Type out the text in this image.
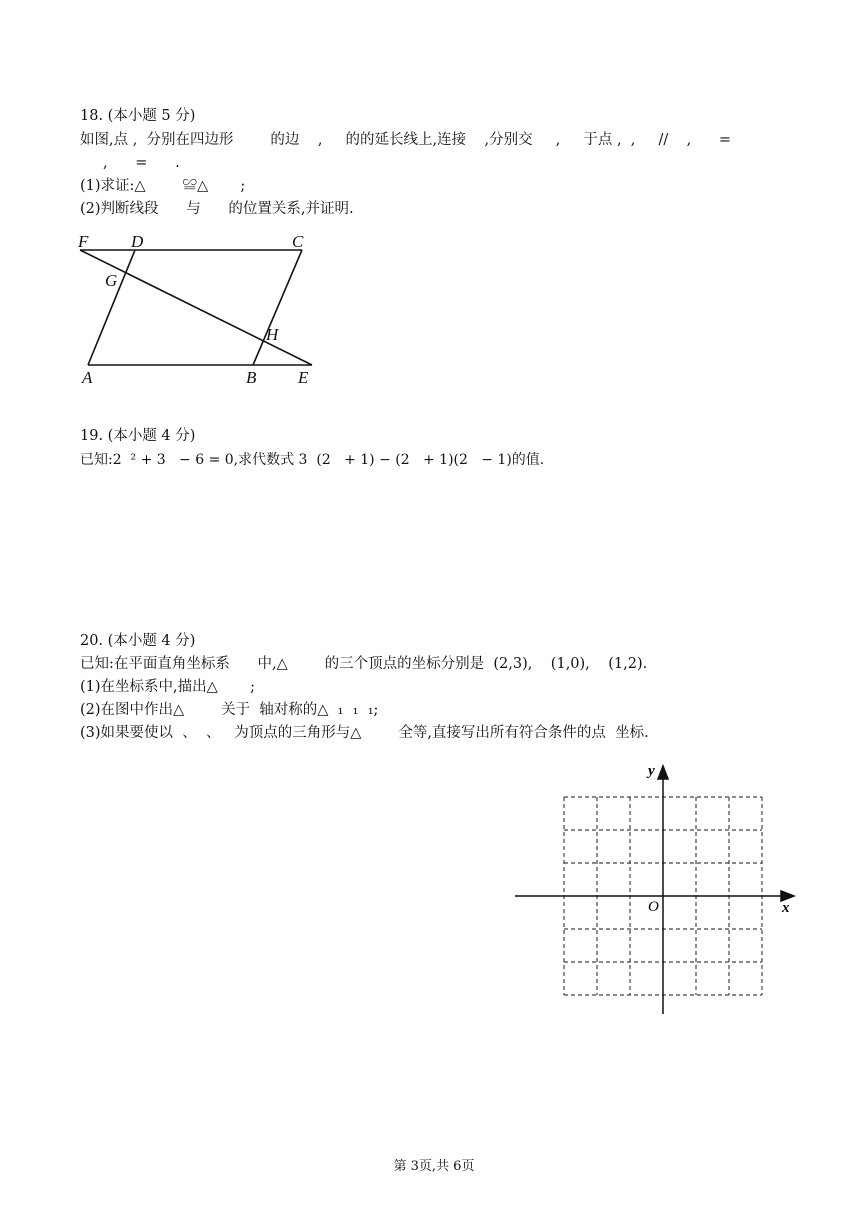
18. (本小题 5 分)
如图,点 ,  分别在四边形        的边    ,     的的延长线上,连接    ,分别交     ,     于点 ,  ,     //    ,      =
,      =      .
(1)求证:△        ≌△       ;
(2)判断线段      与      的位置关系,并证明.
F	D	C
G
H
A	B E
19. (本小题 4 分)
已知:2  ² + 3   − 6 = 0,求代数式 3  (2   + 1) − (2   + 1)(2   − 1)的值.
20. (本小题 4 分)
已知:在平面直角坐标系      中,△        的三个顶点的坐标分别是  (2,3),    (1,0),    (1,2).
(1)在坐标系中,描出△       ;
(2)在图中作出△        关于  轴对称的△  ₁  ₁  ₁;
(3)如果要使以  、  、   为顶点的三角形与△        全等,直接写出所有符合条件的点  坐标.
x
y
O
第 3页,共 6页
